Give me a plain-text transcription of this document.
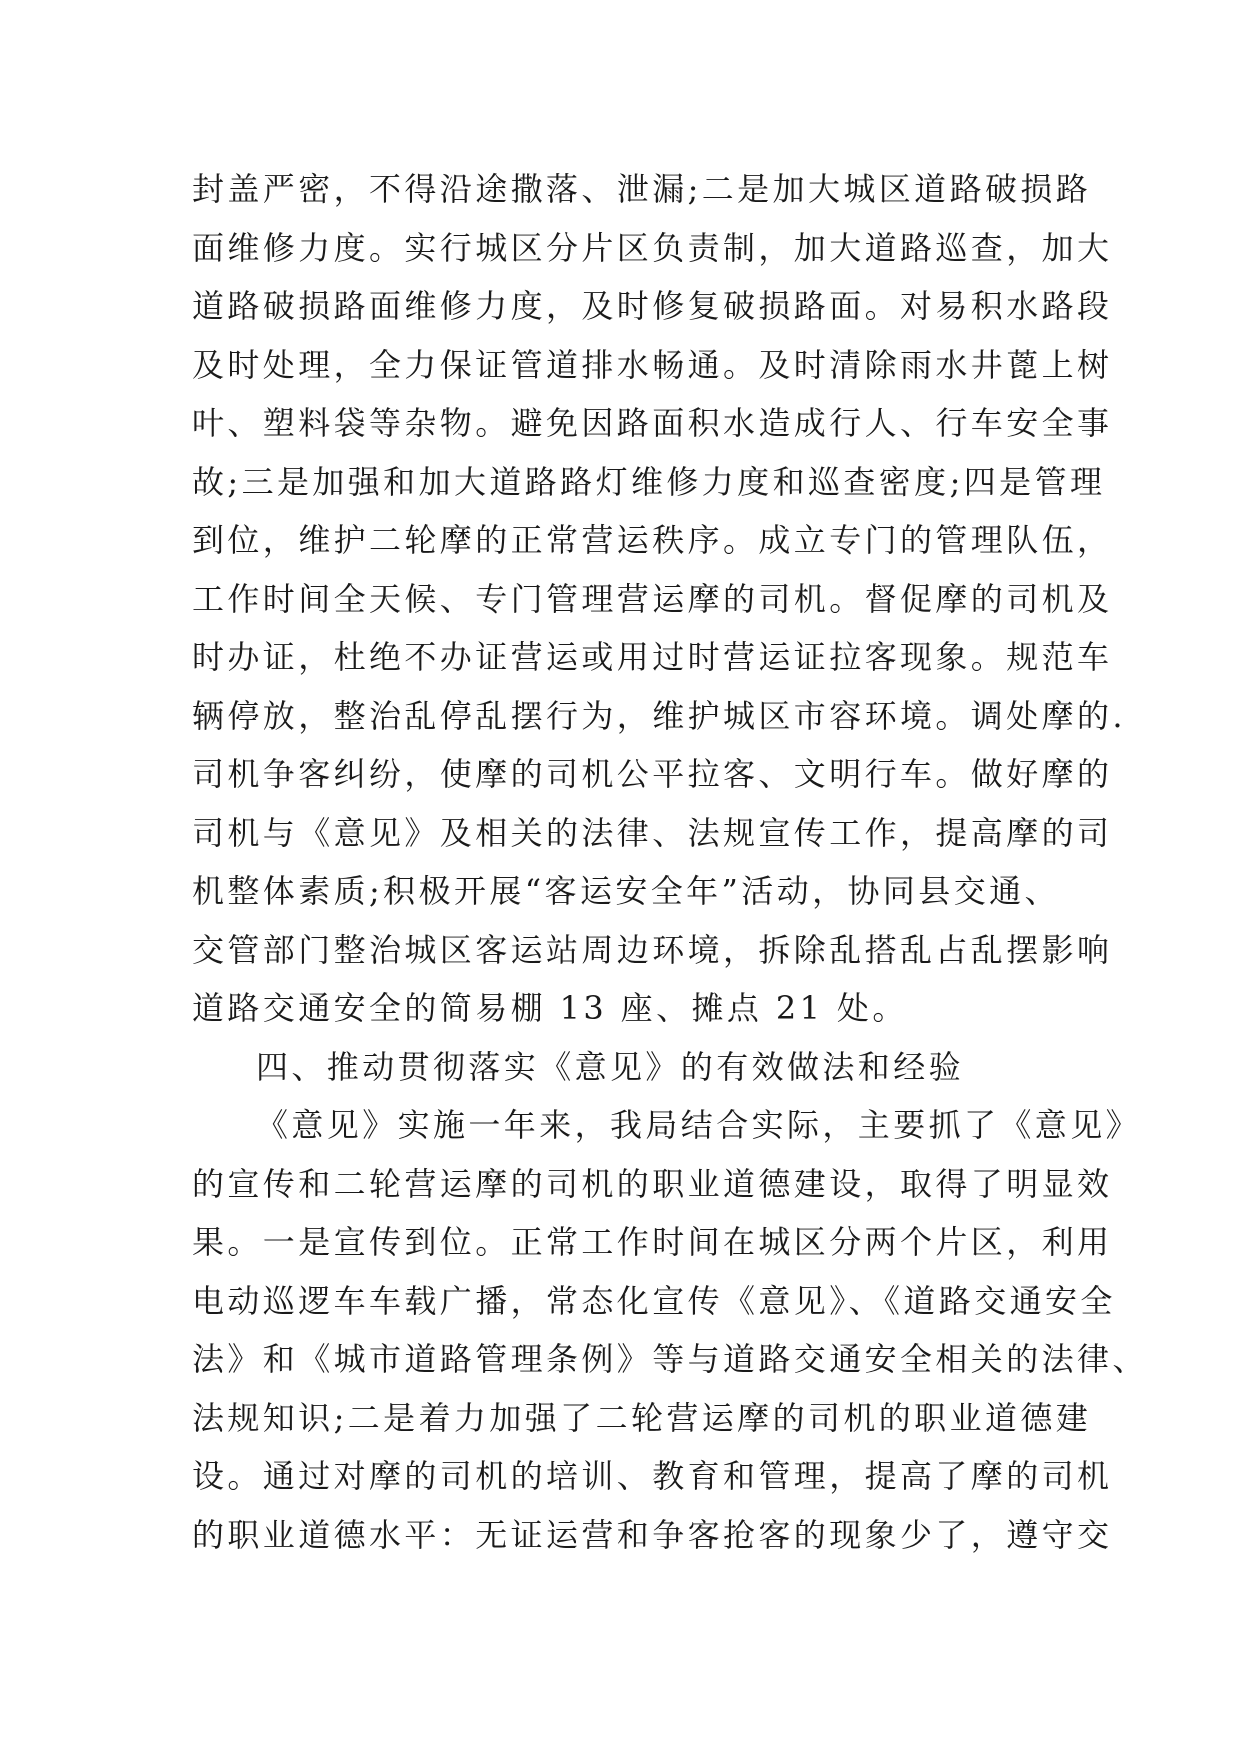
封盖严密，不得沿途撒落、泄漏;二是加大城区道路破损路
面维修力度。实行城区分片区负责制，加大道路巡查，加大
道路破损路面维修力度，及时修复破损路面。对易积水路段
及时处理，全力保证管道排水畅通。及时清除雨水井蓖上树
叶、塑料袋等杂物。避免因路面积水造成行人、行车安全事
故;三是加强和加大道路路灯维修力度和巡查密度;四是管理
到位，维护二轮摩的正常营运秩序。成立专门的管理队伍，
工作时间全天候、专门管理营运摩的司机。督促摩的司机及
时办证，杜绝不办证营运或用过时营运证拉客现象。规范车
辆停放，整治乱停乱摆行为，维护城区市容环境。调处摩的.
司机争客纠纷，使摩的司机公平拉客、文明行车。做好摩的
司机与《意见》及相关的法律、法规宣传工作，提高摩的司
机整体素质;积极开展“客运安全年”活动，协同县交通、
交管部门整治城区客运站周边环境，拆除乱搭乱占乱摆影响
道路交通安全的简易棚 13 座、摊点 21 处。
四、推动贯彻落实《意见》的有效做法和经验
《意见》实施一年来，我局结合实际，主要抓了《意见》
的宣传和二轮营运摩的司机的职业道德建设，取得了明显效
果。一是宣传到位。正常工作时间在城区分两个片区，利用
电动巡逻车车载广播，常态化宣传《意见》、《道路交通安全
法》和《城市道路管理条例》等与道路交通安全相关的法律、
法规知识;二是着力加强了二轮营运摩的司机的职业道德建
设。通过对摩的司机的培训、教育和管理，提高了摩的司机
的职业道德水平：无证运营和争客抢客的现象少了，遵守交
